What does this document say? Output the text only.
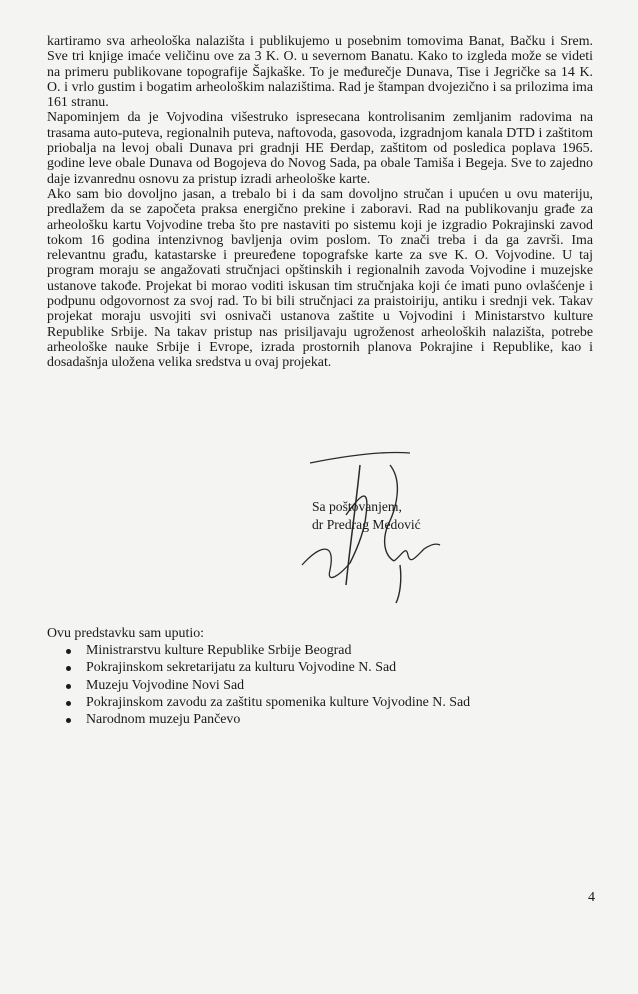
kartiramo sva arheološka nalazišta i publikujemo u posebnim tomovima Banat, Bačku i Srem. Sve tri knjige imaće veličinu ove za 3 K. O. u severnom Banatu. Kako to izgleda može se videti na primeru publikovane topografije Šajkaške. To je međurečje Dunava, Tise i Jegričke sa 14 K. O. i vrlo gustim i bogatim arheološkim nalazištima. Rad je štampan dvojezično i sa prilozima ima 161 stranu.

Napominjem da je Vojvodina višestruko ispresecana kontrolisanim zemljanim radovima na trasama auto-puteva, regionalnih puteva, naftovoda, gasovoda, izgradnjom kanala DTD i zaštitom priobalja na levoj obali Dunava pri gradnji HE Đerdap, zaštitom od posledica poplava 1965. godine leve obale Dunava od Bogojeva do Novog Sada, pa obale Tamiša i Begeja. Sve to zajedno daje izvanrednu osnovu za pristup izradi arheološke karte.

Ako sam bio dovoljno jasan, a trebalo bi i da sam dovoljno stručan i upućen u ovu materiju, predlažem da se započeta praksa energično prekine i zaboravi. Rad na publikovanju građe za arheološku kartu Vojvodine treba što pre nastaviti po sistemu koji je izgradio Pokrajinski zavod tokom 16 godina intenzivnog bavljenja ovim poslom. To znači treba i da ga završi. Ima relevantnu građu, katastarske i preuređene topografske karte za sve K. O. Vojvodine. U taj program moraju se angažovati stručnjaci opštinskih i regionalnih zavoda Vojvodine i muzejske ustanove takođe. Projekat bi morao voditi iskusan tim stručnjaka koji će imati puno ovlašćenje i podpunu odgovornost za svoj rad. To bi bili stručnjaci za praistoiriju, antiku i srednji vek. Takav projekat moraju usvojiti svi osnivači ustanova zaštite u Vojvodini i Ministarstvo kulture Republike Srbije. Na takav pristup nas prisiljavaju ugroženost arheoloških nalazišta, potrebe arheološke nauke Srbije i Evrope, izrada prostornih planova Pokrajine i Republike, kao i dosadašnja uložena velika sredstva u ovaj projekat.

Sa poštovanjem,
dr Predrag Medović
Ovu predstavku sam uputio:
Ministrarstvu kulture Republike Srbije Beograd
Pokrajinskom sekretarijatu za kulturu Vojvodine N. Sad
Muzeju Vojvodine Novi Sad
Pokrajinskom zavodu za zaštitu spomenika kulture Vojvodine N. Sad
Narodnom muzeju Pančevo
4
